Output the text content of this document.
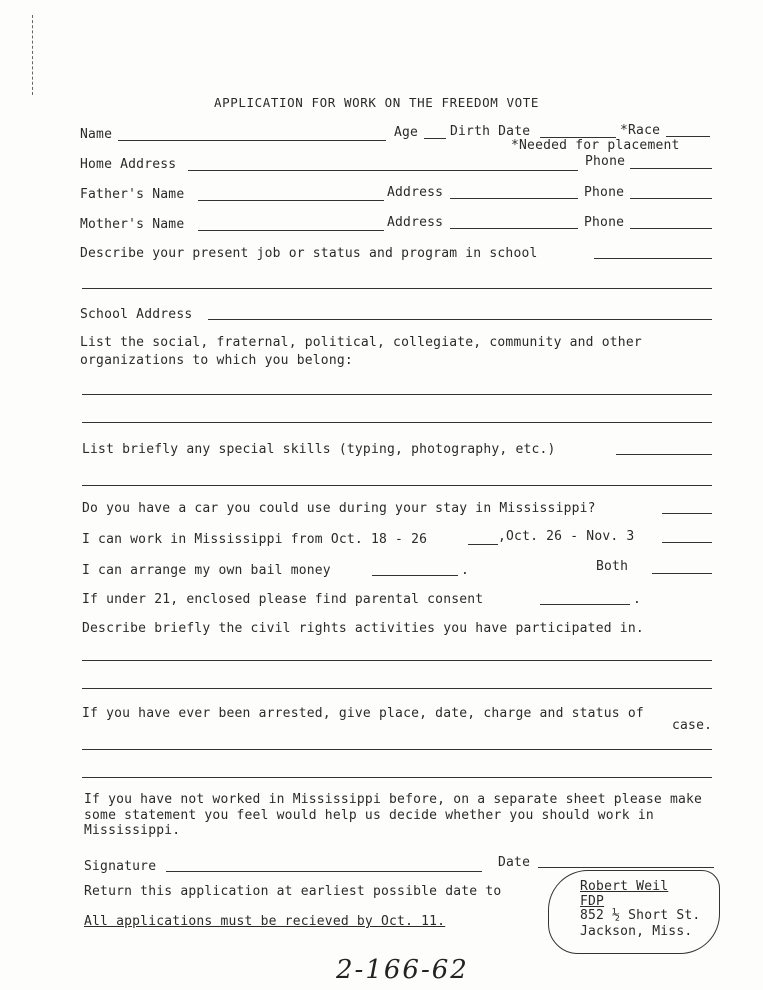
APPLICATION FOR WORK ON THE FREEDOM VOTE
Name	Age Dirth Date	*Race
*Needed for placement
Home Address	Phone
Father's Name	Address	Phone
Mother's Name	Address	Phone
Describe your present job or status and program in school
School Address
List the social, fraternal, political, collegiate, community and other organizations to which you belong:
List briefly any special skills (typing, photography, etc.)
Do you have a car you could use during your stay in Mississippi?
I can work in Mississippi from Oct. 18 - 26	,Oct. 26 - Nov. 3
I can arrange my own bail money	.	Both
If under 21, enclosed please find parental consent	.
Describe briefly the civil rights activities you have participated in.
If you have ever been arrested, give place, date, charge and status of
case.
If you have not worked in Mississippi before, on a separate sheet please make some statement you feel would help us decide whether you should work in Mississippi.
Signature	Date
Return this application at earliest possible date to
All applications must be recieved by Oct. 11.
Robert Weil
FDP
852 ½ Short St.
Jackson, Miss.
2-166-62
